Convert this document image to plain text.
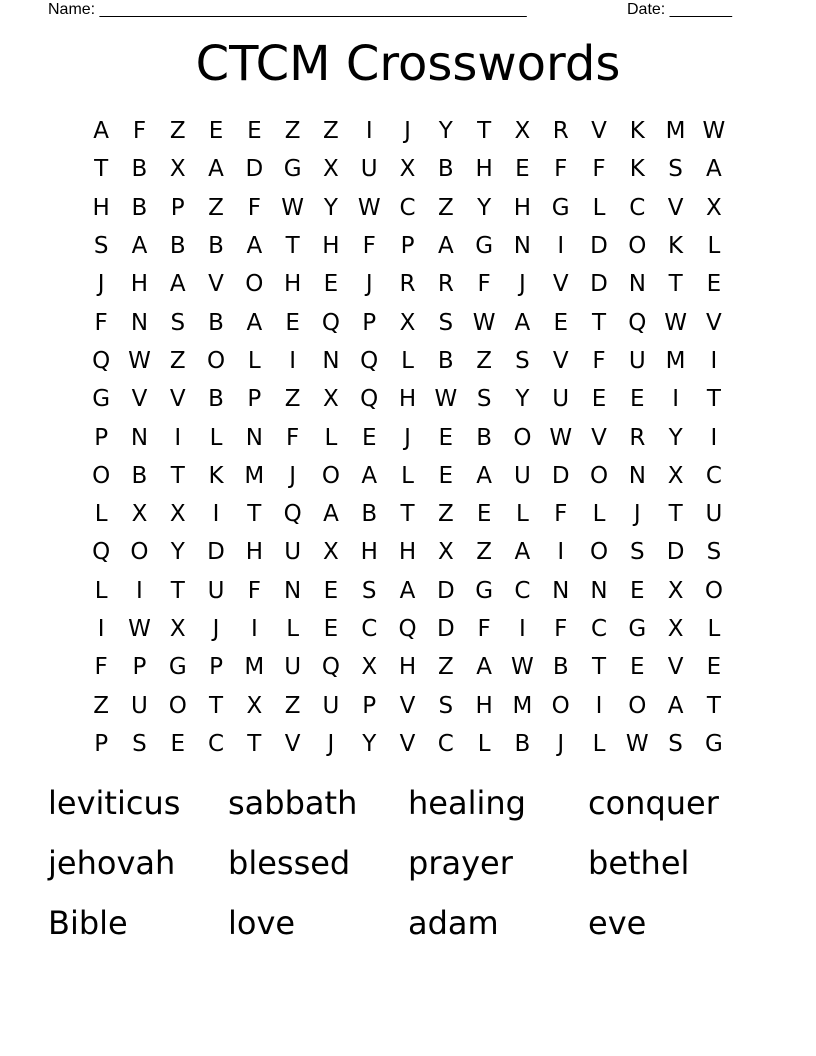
Name: ________________________________________________	Date: _______
CTCM Crosswords
A	F	Z	E	E	Z Z	I	J	Y	T	X R V K M W
T	B X A D G X U X B H E	F	F	K	S	A
H B	P	Z	F W Y W C Z	Y H G L	C V X
S	A B B A	T H	F	P	A G N	I	D O K	L
J	H A V O H E	J	R R	F	J	V D N T	E
F	N S	B A	E Q P	X	S W A	E	T Q W V
Q W Z O L	I	N Q L	B Z	S	V	F	U M	I
G V V B	P	Z X Q H W S	Y U E	E	I	T
P N	I	L	N	F	L	E	J	E	B O W V R	Y	I
O B	T	K M	J	O A	L	E	A U D O N X C
L	X X	I	T Q A B	T	Z	E	L	F	L	J	T U
Q O Y D H U X H H X Z A	I	O S D S
L	I	T U	F	N E	S	A D G C N N E	X O
I	W X	J	I	L	E C Q D F	I	F	C G X	L
F	P G P M U Q X H Z A W B	T	E	V	E
Z U O T	X Z U P	V	S H M O	I	O A	T
P	S	E C	T	V	J	Y	V C	L	B	J	L W S G
leviticus	sabbath	healing	conquer
jehovah	blessed	prayer	bethel
Bible	love	adam	eve
